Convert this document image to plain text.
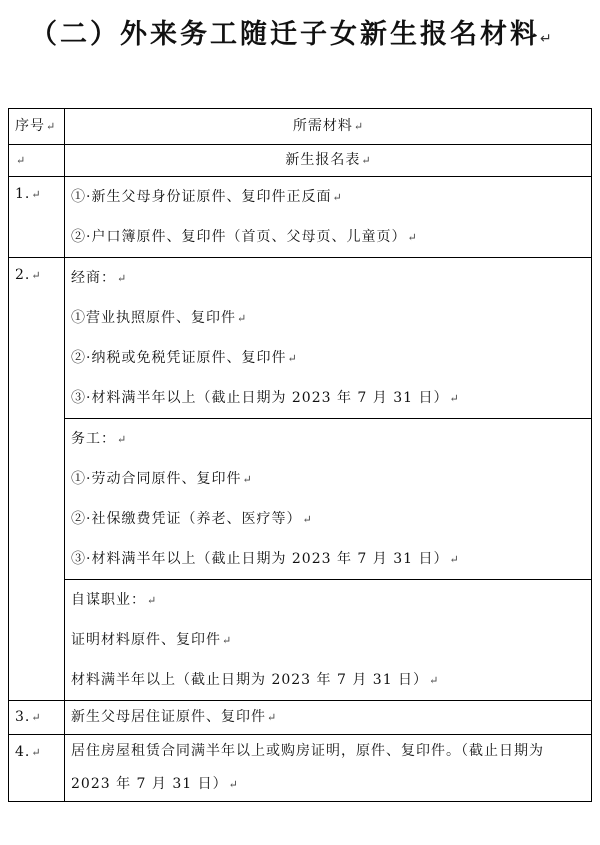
（二）外来务工随迁子女新生报名材料↵
序号↵	所需材料↵
↵	新生报名表↵
1.↵	①·新生父母身份证原件、复印件正反面↵
②·户口簿原件、复印件（首页、父母页、儿童页）↵

2.↵	经商：↵
①营业执照原件、复印件↵
②·纳税或免税凭证原件、复印件↵
③·材料满半年以上（截止日期为 2023 年 7 月 31 日）↵

	务工：↵
①·劳动合同原件、复印件↵
②·社保缴费凭证（养老、医疗等）↵
③·材料满半年以上（截止日期为 2023 年 7 月 31 日）↵

	自谋职业：↵
证明材料原件、复印件↵
材料满半年以上（截止日期为 2023 年 7 月 31 日）↵

3.↵	新生父母居住证原件、复印件↵
4.↵	居住房屋租赁合同满半年以上或购房证明，原件、复印件。（截止日期为 2023 年 7 月 31 日）↵
